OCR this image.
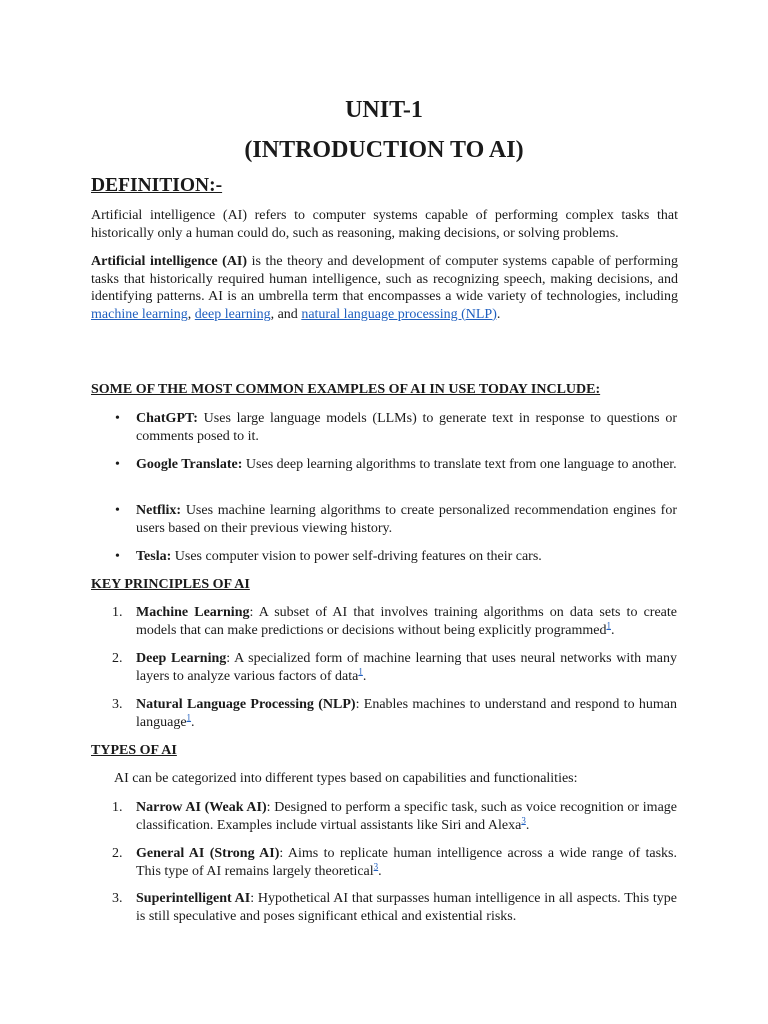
UNIT-1
(INTRODUCTION TO AI)
DEFINITION:-

Artificial intelligence (AI) refers to computer systems capable of performing complex tasks that historically only a human could do, such as reasoning, making decisions, or solving problems.

Artificial intelligence (AI) is the theory and development of computer systems capable of performing tasks that historically required human intelligence, such as recognizing speech, making decisions, and identifying patterns. AI is an umbrella term that encompasses a wide variety of technologies, including machine learning, deep learning, and natural language processing (NLP).

SOME OF THE MOST COMMON EXAMPLES OF AI IN USE TODAY INCLUDE:

• ChatGPT: Uses large language models (LLMs) to generate text in response to questions or comments posed to it.

• Google Translate: Uses deep learning algorithms to translate text from one language to another.

• Netflix: Uses machine learning algorithms to create personalized recommendation engines for users based on their previous viewing history.

• Tesla: Uses computer vision to power self-driving features on their cars.

KEY PRINCIPLES OF AI

1. Machine Learning: A subset of AI that involves training algorithms on data sets to create models that can make predictions or decisions without being explicitly programmed$^1$.

2. Deep Learning: A specialized form of machine learning that uses neural networks with many layers to analyze various factors of data$^1$.

3. Natural Language Processing (NLP): Enables machines to understand and respond to human language$^1$.

TYPES OF AI

AI can be categorized into different types based on capabilities and functionalities:

1. Narrow AI (Weak AI): Designed to perform a specific task, such as voice recognition or image classification. Examples include virtual assistants like Siri and Alexa$^3$.

2. General AI (Strong AI): Aims to replicate human intelligence across a wide range of tasks. This type of AI remains largely theoretical$^3$.

3. Superintelligent AI: Hypothetical AI that surpasses human intelligence in all aspects. This type is still speculative and poses significant ethical and existential risks.
